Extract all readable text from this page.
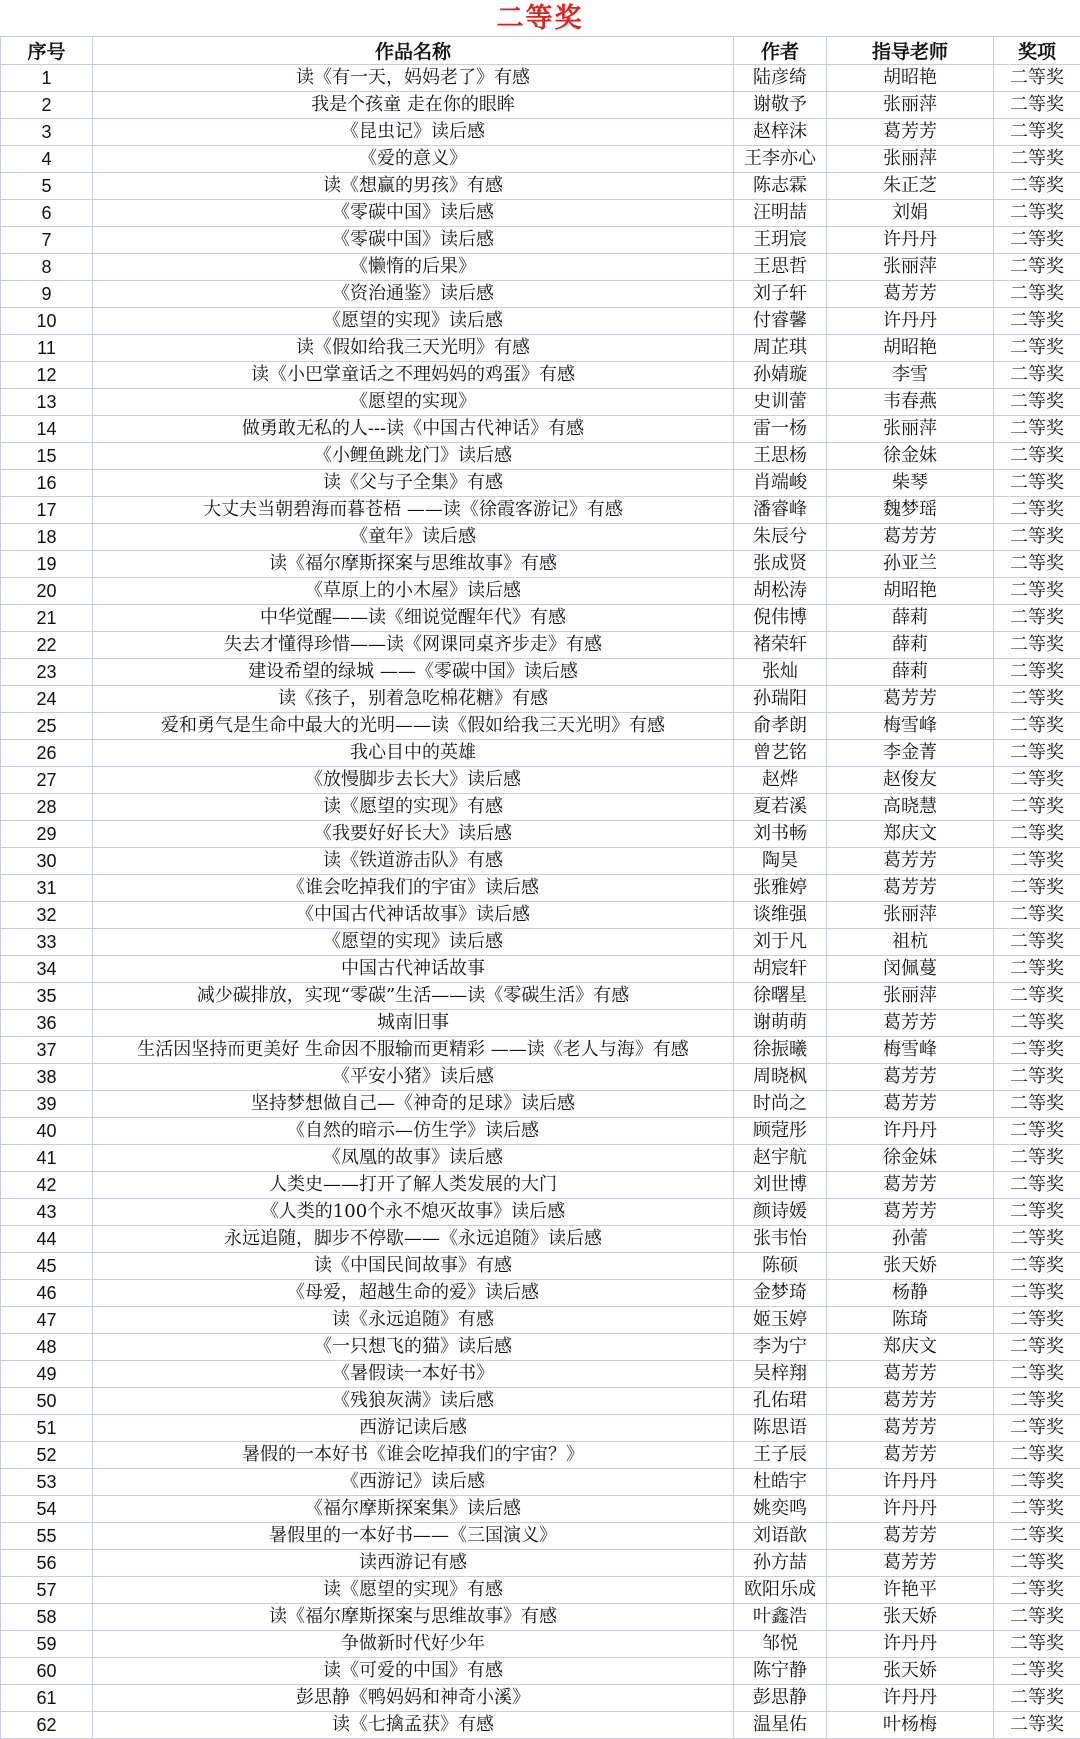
二等奖
序号	作品名称	作者	指导老师	奖项
1	读《有一天，妈妈老了》有感	陆彦绮	胡昭艳	二等奖
2	我是个孩童 走在你的眼眸	谢敬予	张丽萍	二等奖
3	《昆虫记》读后感	赵梓沫	葛芳芳	二等奖
4	《爱的意义》	王李亦心	张丽萍	二等奖
5	读《想赢的男孩》有感	陈志霖	朱正芝	二等奖
6	《零碳中国》读后感	汪明喆	刘娟	二等奖
7	《零碳中国》读后感	王玥宸	许丹丹	二等奖
8	《懒惰的后果》	王思哲	张丽萍	二等奖
9	《资治通鉴》读后感	刘子轩	葛芳芳	二等奖
10	《愿望的实现》读后感	付睿馨	许丹丹	二等奖
11	读《假如给我三天光明》有感	周芷琪	胡昭艳	二等奖
12	读《小巴掌童话之不理妈妈的鸡蛋》有感	孙婧璇	李雪	二等奖
13	《愿望的实现》	史训蕾	韦春燕	二等奖
14	做勇敢无私的人---读《中国古代神话》有感	雷一杨	张丽萍	二等奖
15	《小鲤鱼跳龙门》读后感	王思杨	徐金妹	二等奖
16	读《父与子全集》有感	肖端峻	柴琴	二等奖
17	大丈夫当朝碧海而暮苍梧 ——读《徐霞客游记》有感	潘睿峰	魏梦瑶	二等奖
18	《童年》读后感	朱辰兮	葛芳芳	二等奖
19	读《福尔摩斯探案与思维故事》有感	张成贤	孙亚兰	二等奖
20	《草原上的小木屋》读后感	胡松涛	胡昭艳	二等奖
21	中华觉醒——读《细说觉醒年代》有感	倪伟博	薛莉	二等奖
22	失去才懂得珍惜——读《网课同桌齐步走》有感	褚荣轩	薛莉	二等奖
23	建设希望的绿城 ——《零碳中国》读后感	张灿	薛莉	二等奖
24	读《孩子，别着急吃棉花糖》有感	孙瑞阳	葛芳芳	二等奖
25	爱和勇气是生命中最大的光明——读《假如给我三天光明》有感	俞孝朗	梅雪峰	二等奖
26	我心目中的英雄	曾艺铭	李金菁	二等奖
27	《放慢脚步去长大》读后感	赵烨	赵俊友	二等奖
28	读《愿望的实现》有感	夏若溪	高晓慧	二等奖
29	《我要好好长大》读后感	刘书畅	郑庆文	二等奖
30	读《铁道游击队》有感	陶昊	葛芳芳	二等奖
31	《谁会吃掉我们的宇宙》读后感	张雅婷	葛芳芳	二等奖
32	《中国古代神话故事》读后感	谈维强	张丽萍	二等奖
33	《愿望的实现》读后感	刘于凡	祖杭	二等奖
34	中国古代神话故事	胡宸轩	闵佩蔓	二等奖
35	减少碳排放，实现“零碳”生活——读《零碳生活》有感	徐曙星	张丽萍	二等奖
36	城南旧事	谢萌萌	葛芳芳	二等奖
37	生活因坚持而更美好 生命因不服输而更精彩 ——读《老人与海》有感	徐振曦	梅雪峰	二等奖
38	《平安小猪》读后感	周晓枫	葛芳芳	二等奖
39	坚持梦想做自己—《神奇的足球》读后感	时尚之	葛芳芳	二等奖
40	《自然的暗示—仿生学》读后感	顾蒄彤	许丹丹	二等奖
41	《凤凰的故事》读后感	赵宇航	徐金妹	二等奖
42	人类史——打开了解人类发展的大门	刘世博	葛芳芳	二等奖
43	《人类的100个永不熄灭故事》读后感	颜诗媛	葛芳芳	二等奖
44	永远追随，脚步不停歇——《永远追随》读后感	张韦怡	孙蕾	二等奖
45	读《中国民间故事》有感	陈硕	张天娇	二等奖
46	《母爱，超越生命的爱》读后感	金梦琦	杨静	二等奖
47	读《永远追随》有感	姬玉婷	陈琦	二等奖
48	《一只想飞的猫》读后感	李为宁	郑庆文	二等奖
49	《暑假读一本好书》	吴梓翔	葛芳芳	二等奖
50	《残狼灰满》读后感	孔佑珺	葛芳芳	二等奖
51	西游记读后感	陈思语	葛芳芳	二等奖
52	暑假的一本好书《谁会吃掉我们的宇宙？》	王子辰	葛芳芳	二等奖
53	《西游记》读后感	杜皓宇	许丹丹	二等奖
54	《福尔摩斯探案集》读后感	姚奕鸣	许丹丹	二等奖
55	暑假里的一本好书——《三国演义》	刘语歆	葛芳芳	二等奖
56	读西游记有感	孙方喆	葛芳芳	二等奖
57	读《愿望的实现》有感	欧阳乐成	许艳平	二等奖
58	读《福尔摩斯探案与思维故事》有感	叶鑫浩	张天娇	二等奖
59	争做新时代好少年	邹悦	许丹丹	二等奖
60	读《可爱的中国》有感	陈宁静	张天娇	二等奖
61	彭思静《鸭妈妈和神奇小溪》	彭思静	许丹丹	二等奖
62	读《七擒孟获》有感	温星佑	叶杨梅	二等奖
